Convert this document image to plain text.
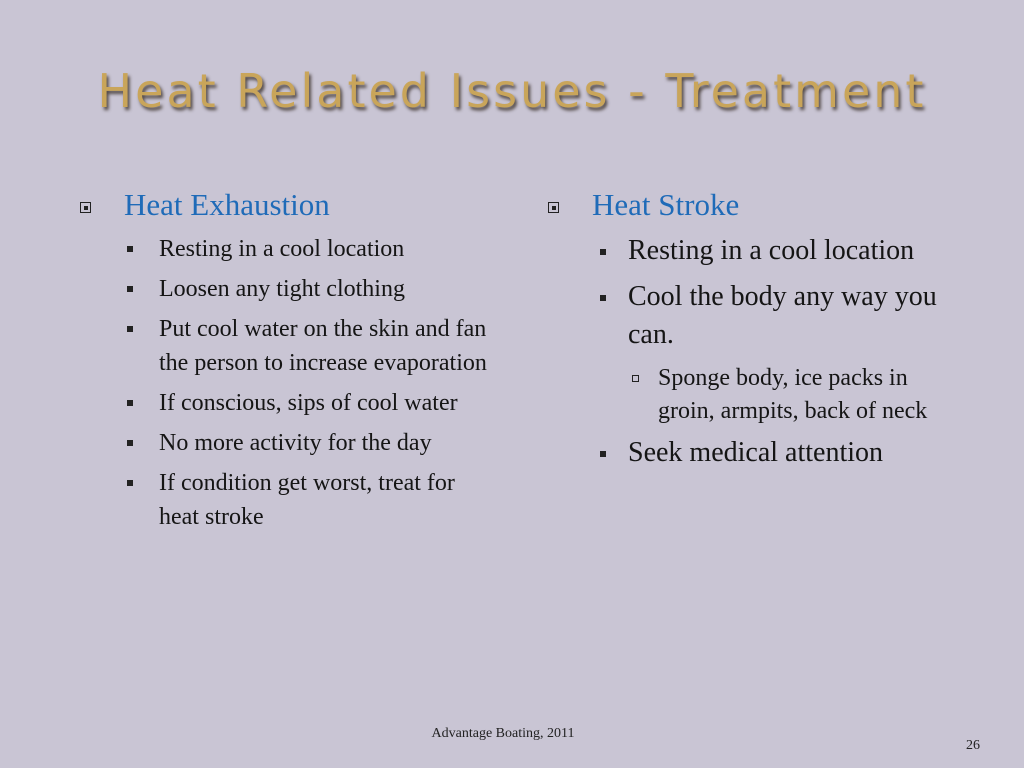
Heat Related Issues - Treatment
Heat Exhaustion
Resting in a cool location
Loosen any tight clothing
Put cool water on the skin and fan the person to increase evaporation
If conscious, sips of cool water
No more activity for the day
If condition get worst, treat for heat stroke
Heat Stroke
Resting in a cool location
Cool the body any way you can.
Sponge body, ice packs in groin, armpits, back of neck
Seek medical attention
Advantage Boating, 2011
26
